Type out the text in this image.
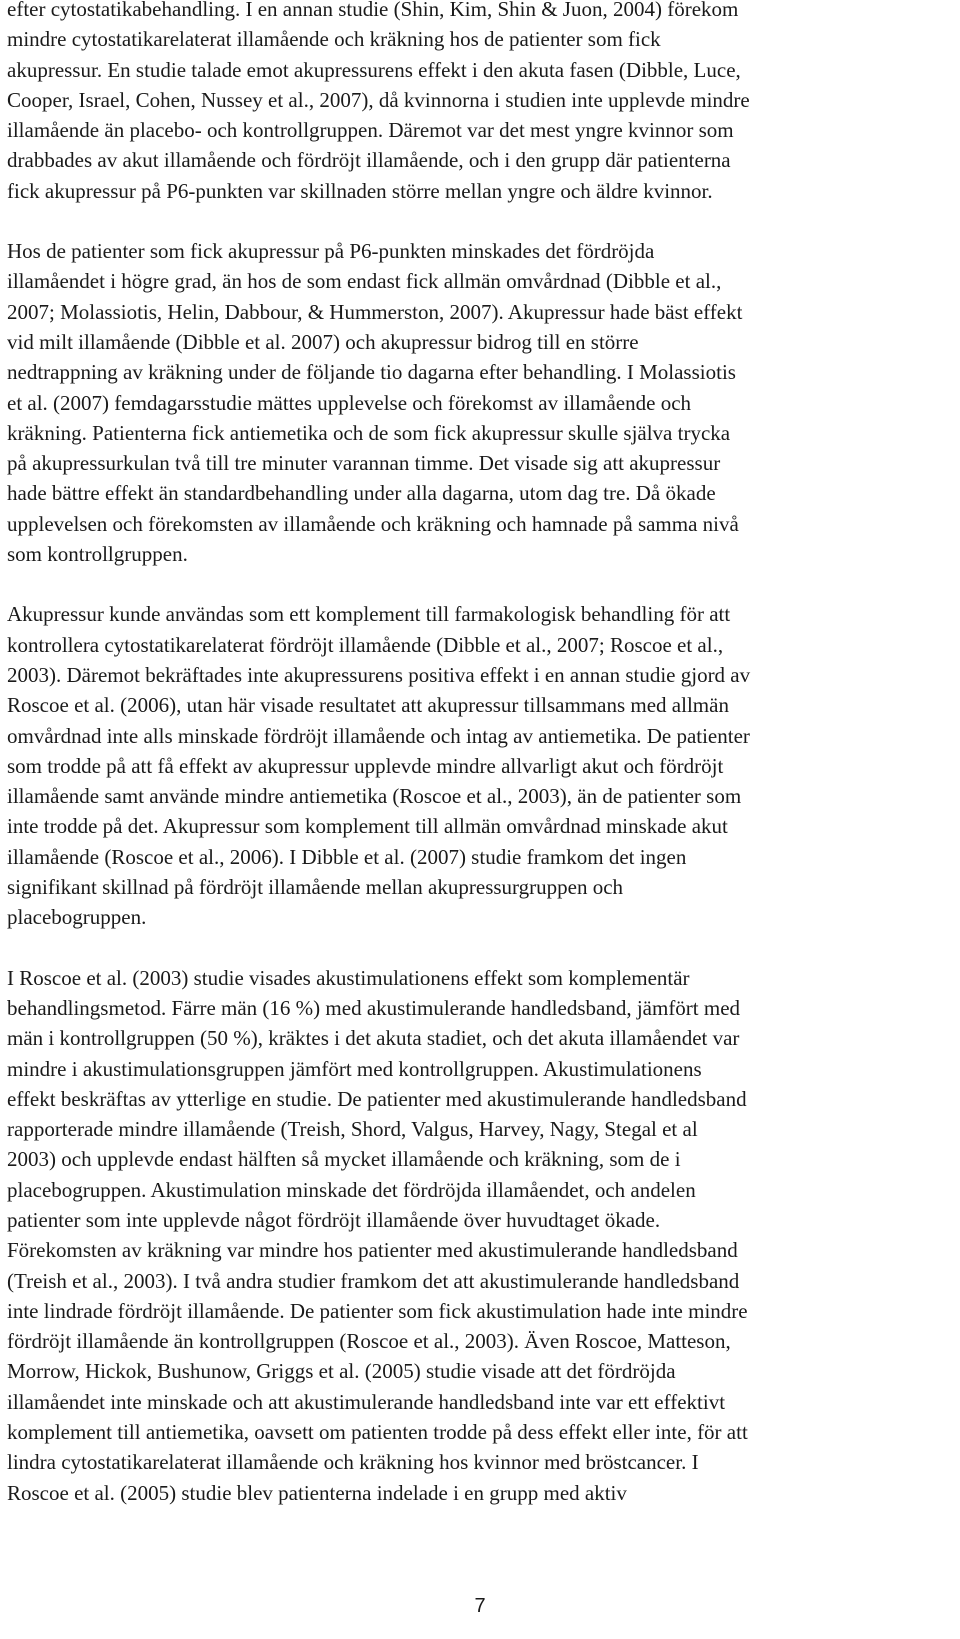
efter cytostatikabehandling. I en annan studie (Shin, Kim, Shin & Juon, 2004) förekom
mindre cytostatikarelaterat illamående och kräkning hos de patienter som fick
akupressur. En studie talade emot akupressurens effekt i den akuta fasen (Dibble, Luce,
Cooper, Israel, Cohen, Nussey et al., 2007), då kvinnorna i studien inte upplevde mindre
illamående än placebo- och kontrollgruppen. Däremot var det mest yngre kvinnor som
drabbades av akut illamående och fördröjt illamående, och i den grupp där patienterna
fick akupressur på P6-punkten var skillnaden större mellan yngre och äldre kvinnor.

Hos de patienter som fick akupressur på P6-punkten minskades det fördröjda
illamåendet i högre grad, än hos de som endast fick allmän omvårdnad (Dibble et al.,
2007; Molassiotis, Helin, Dabbour, & Hummerston, 2007). Akupressur hade bäst effekt
vid milt illamående (Dibble et al. 2007) och akupressur bidrog till en större
nedtrappning av kräkning under de följande tio dagarna efter behandling. I Molassiotis
et al. (2007) femdagarsstudie mättes upplevelse och förekomst av illamående och
kräkning. Patienterna fick antiemetika och de som fick akupressur skulle själva trycka
på akupressurkulan två till tre minuter varannan timme. Det visade sig att akupressur
hade bättre effekt än standardbehandling under alla dagarna, utom dag tre. Då ökade
upplevelsen och förekomsten av illamående och kräkning och hamnade på samma nivå
som kontrollgruppen.

Akupressur kunde användas som ett komplement till farmakologisk behandling för att
kontrollera cytostatikarelaterat fördröjt illamående (Dibble et al., 2007; Roscoe et al.,
2003). Däremot bekräftades inte akupressurens positiva effekt i en annan studie gjord av
Roscoe et al. (2006), utan här visade resultatet att akupressur tillsammans med allmän
omvårdnad inte alls minskade fördröjt illamående och intag av antiemetika. De patienter
som trodde på att få effekt av akupressur upplevde mindre allvarligt akut och fördröjt
illamående samt använde mindre antiemetika (Roscoe et al., 2003), än de patienter som
inte trodde på det. Akupressur som komplement till allmän omvårdnad minskade akut
illamående (Roscoe et al., 2006). I Dibble et al. (2007) studie framkom det ingen
signifikant skillnad på fördröjt illamående mellan akupressurgruppen och
placebogruppen.

I Roscoe et al. (2003) studie visades akustimulationens effekt som komplementär
behandlingsmetod. Färre män (16 %) med akustimulerande handledsband, jämfört med
män i kontrollgruppen (50 %), kräktes i det akuta stadiet, och det akuta illamåendet var
mindre i akustimulationsgruppen jämfört med kontrollgruppen. Akustimulationens
effekt beskräftas av ytterlige en studie. De patienter med akustimulerande handledsband
rapporterade mindre illamående (Treish, Shord, Valgus, Harvey, Nagy, Stegal et al
2003) och upplevde endast hälften så mycket illamående och kräkning, som de i
placebogruppen. Akustimulation minskade det fördröjda illamåendet, och andelen
patienter som inte upplevde något fördröjt illamående över huvudtaget ökade.
Förekomsten av kräkning var mindre hos patienter med akustimulerande handledsband
(Treish et al., 2003). I två andra studier framkom det att akustimulerande handledsband
inte lindrade fördröjt illamående. De patienter som fick akustimulation hade inte mindre
fördröjt illamående än kontrollgruppen (Roscoe et al., 2003). Även Roscoe, Matteson,
Morrow, Hickok, Bushunow, Griggs et al. (2005) studie visade att det fördröjda
illamåendet inte minskade och att akustimulerande handledsband inte var ett effektivt
komplement till antiemetika, oavsett om patienten trodde på dess effekt eller inte, för att
lindra cytostatikarelaterat illamående och kräkning hos kvinnor med bröstcancer. I
Roscoe et al. (2005) studie blev patienterna indelade i en grupp med aktiv

7
